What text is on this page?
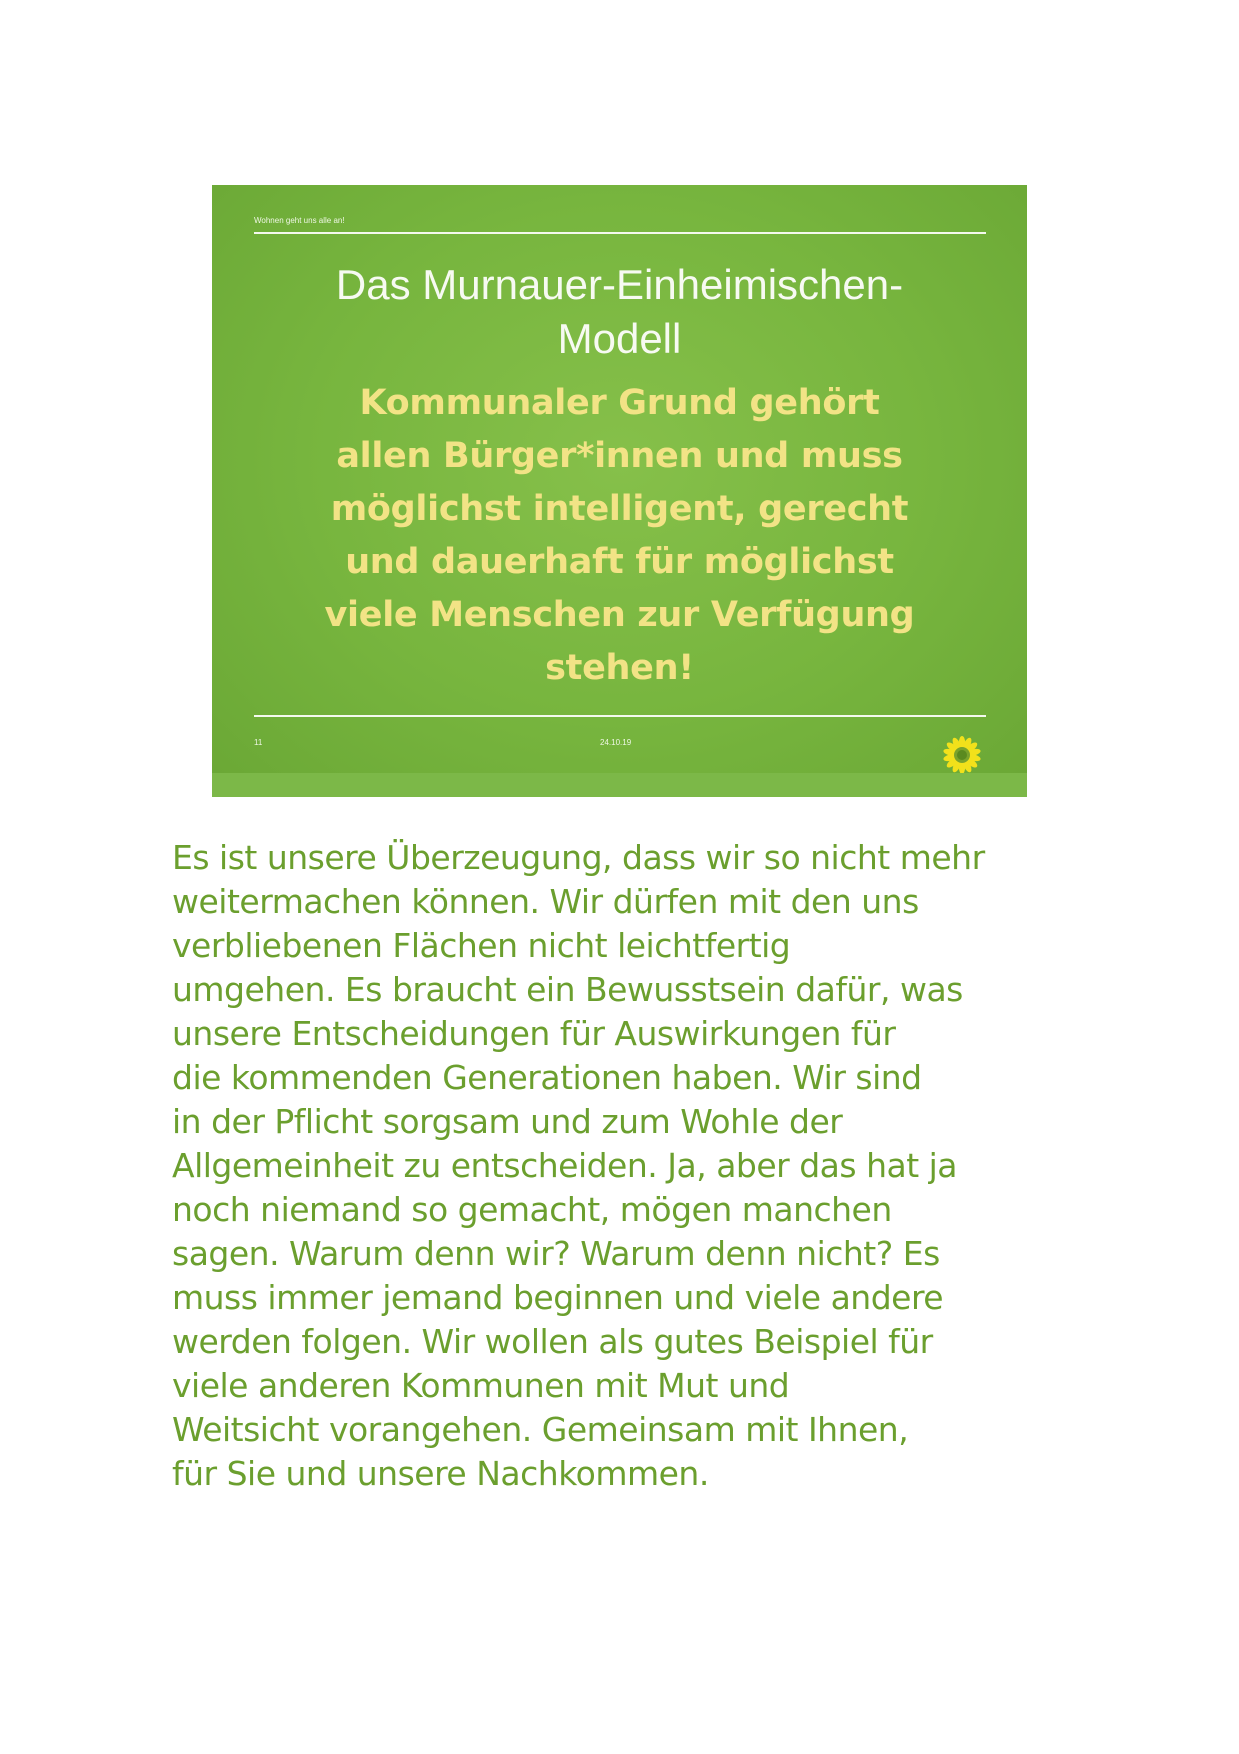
Wohnen geht uns alle an!
Das Murnauer-Einheimischen-
Modell
Kommunaler Grund gehört
allen Bürger*innen und muss
möglichst intelligent, gerecht
und dauerhaft für möglichst
viele Menschen zur Verfügung
stehen!
11	24.10.19
Es ist unsere Überzeugung, dass wir so nicht mehr
weitermachen können. Wir dürfen mit den uns
verbliebenen Flächen nicht leichtfertig
umgehen. Es braucht ein Bewusstsein dafür, was
unsere Entscheidungen für Auswirkungen für
die kommenden Generationen haben. Wir sind
in der Pflicht sorgsam und zum Wohle der
Allgemeinheit zu entscheiden. Ja, aber das hat ja
noch niemand so gemacht, mögen manchen
sagen. Warum denn wir? Warum denn nicht? Es
muss immer jemand beginnen und viele andere
werden folgen. Wir wollen als gutes Beispiel für
viele anderen Kommunen mit Mut und
Weitsicht vorangehen. Gemeinsam mit Ihnen,
für Sie und unsere Nachkommen.
